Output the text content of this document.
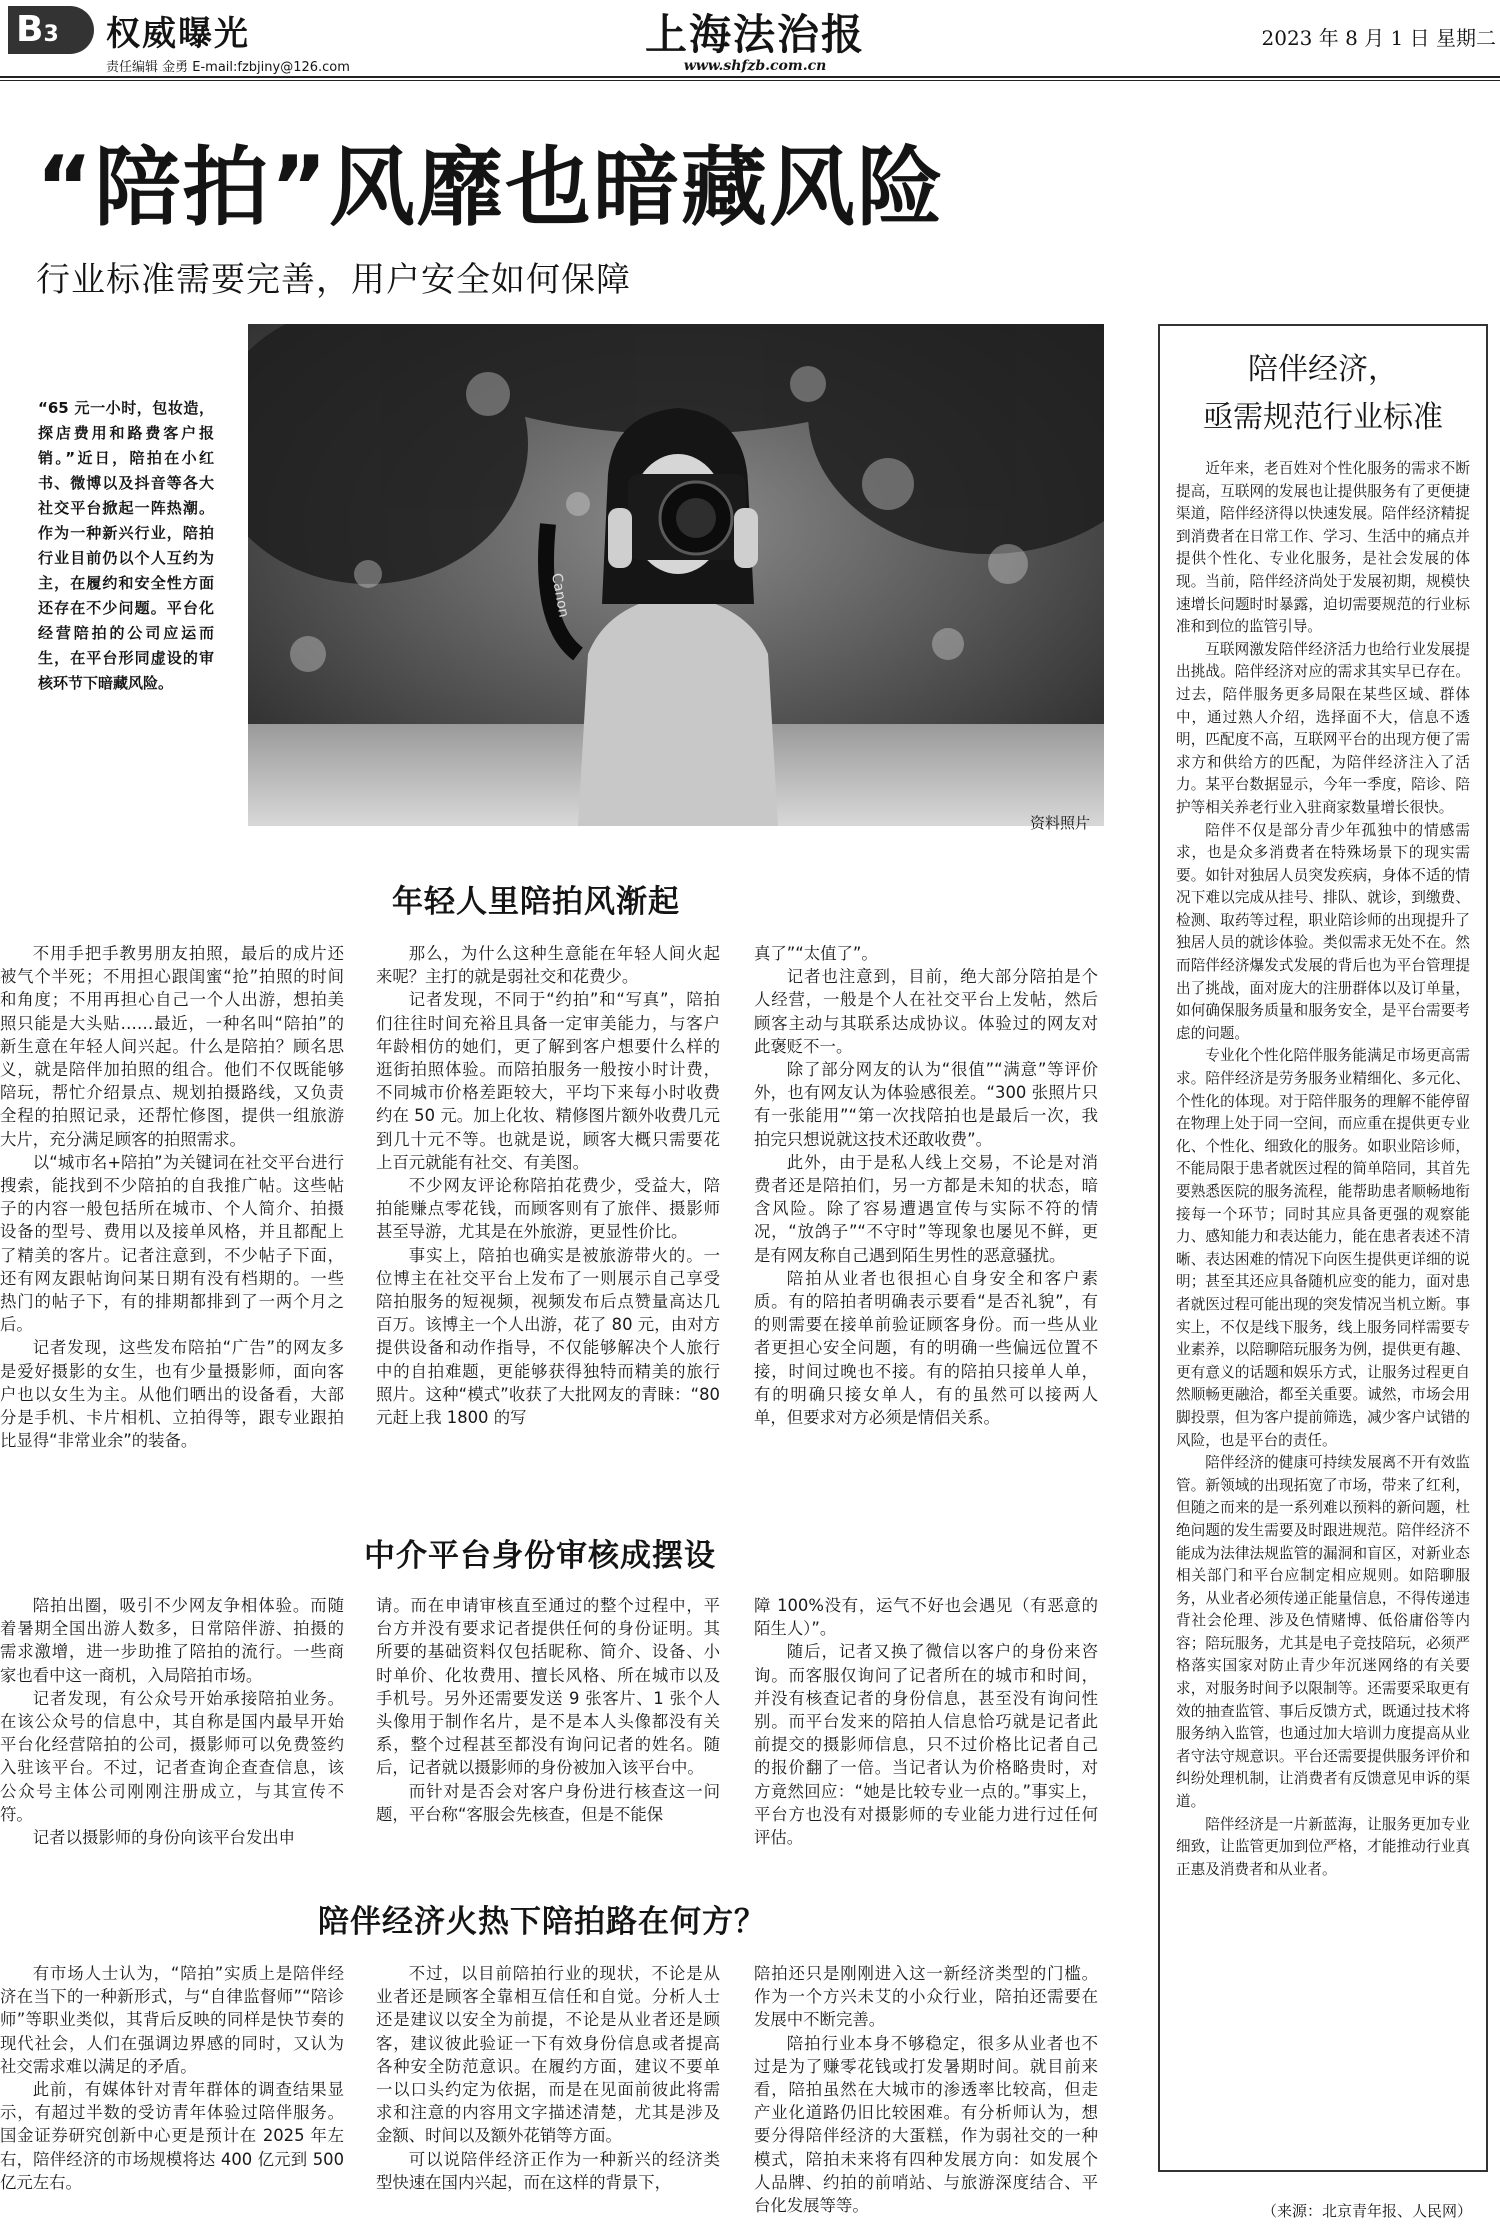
B3	权威曝光
责任编辑 金勇 E-mail:fzbjiny@126.com
上海法治报
www.shfzb.com.cn
2023 年 8 月 1 日 星期二
“陪拍”风靡也暗藏风险
行业标准需要完善，用户安全如何保障
“65 元一小时，包妆造，探店费用和路费客户报销。”近日，陪拍在小红书、微博以及抖音等各大社交平台掀起一阵热潮。作为一种新兴行业，陪拍行业目前仍以个人互约为主，在履约和安全性方面还存在不少问题。平台化经营陪拍的公司应运而生，在平台形同虚设的审核环节下暗藏风险。
Canon
资料照片
年轻人里陪拍风渐起

不用手把手教男朋友拍照，最后的成片还被气个半死；不用担心跟闺蜜“抢”拍照的时间和角度；不用再担心自己一个人出游，想拍美照只能是大头贴……最近，一种名叫“陪拍”的新生意在年轻人间兴起。什么是陪拍？顾名思义，就是陪伴加拍照的组合。他们不仅既能够陪玩，帮忙介绍景点、规划拍摄路线，又负责全程的拍照记录，还帮忙修图，提供一组旅游大片，充分满足顾客的拍照需求。

以“城市名+陪拍”为关键词在社交平台进行搜索，能找到不少陪拍的自我推广帖。这些帖子的内容一般包括所在城市、个人简介、拍摄设备的型号、费用以及接单风格，并且都配上了精美的客片。记者注意到，不少帖子下面，还有网友跟帖询问某日期有没有档期的。一些热门的帖子下，有的排期都排到了一两个月之后。

记者发现，这些发布陪拍“广告”的网友多是爱好摄影的女生，也有少量摄影师，面向客户也以女生为主。从他们晒出的设备看，大部分是手机、卡片相机、立拍得等，跟专业跟拍比显得“非常业余”的装备。

那么，为什么这种生意能在年轻人间火起来呢？主打的就是弱社交和花费少。

记者发现，不同于“约拍”和“写真”，陪拍们往往时间充裕且具备一定审美能力，与客户年龄相仿的她们，更了解到客户想要什么样的逛街拍照体验。而陪拍服务一般按小时计费，不同城市价格差距较大，平均下来每小时收费约在 50 元。加上化妆、精修图片额外收费几元到几十元不等。也就是说，顾客大概只需要花上百元就能有社交、有美图。

不少网友评论称陪拍花费少，受益大，陪拍能赚点零花钱，而顾客则有了旅伴、摄影师甚至导游，尤其是在外旅游，更显性价比。

事实上，陪拍也确实是被旅游带火的。一位博主在社交平台上发布了一则展示自己享受陪拍服务的短视频，视频发布后点赞量高达几百万。该博主一个人出游，花了 80 元，由对方提供设备和动作指导，不仅能够解决个人旅行中的自拍难题，更能够获得独特而精美的旅行照片。这种“模式”收获了大批网友的青睐：“80 元赶上我 1800 的写

真了”“太值了”。

记者也注意到，目前，绝大部分陪拍是个人经营，一般是个人在社交平台上发帖，然后顾客主动与其联系达成协议。体验过的网友对此褒贬不一。

除了部分网友的认为“很值”“满意”等评价外，也有网友认为体验感很差。“300 张照片只有一张能用”“第一次找陪拍也是最后一次，我拍完只想说就这技术还敢收费”。

此外，由于是私人线上交易，不论是对消费者还是陪拍们，另一方都是未知的状态，暗含风险。除了容易遭遇宣传与实际不符的情况，“放鸽子”“不守时”等现象也屡见不鲜，更是有网友称自己遇到陌生男性的恶意骚扰。

陪拍从业者也很担心自身安全和客户素质。有的陪拍者明确表示要看“是否礼貌”，有的则需要在接单前验证顾客身份。而一些从业者更担心安全问题，有的明确一些偏远位置不接，时间过晚也不接。有的陪拍只接单人单，有的明确只接女单人，有的虽然可以接两人单，但要求对方必须是情侣关系。

中介平台身份审核成摆设

陪拍出圈，吸引不少网友争相体验。而随着暑期全国出游人数多，日常陪伴游、拍摄的需求激增，进一步助推了陪拍的流行。一些商家也看中这一商机，入局陪拍市场。

记者发现，有公众号开始承接陪拍业务。在该公众号的信息中，其自称是国内最早开始平台化经营陪拍的公司，摄影师可以免费签约入驻该平台。不过，记者查询企查查信息，该公众号主体公司刚刚注册成立，与其宣传不符。

记者以摄影师的身份向该平台发出申

请。而在申请审核直至通过的整个过程中，平台方并没有要求记者提供任何的身份证明。其所要的基础资料仅包括昵称、简介、设备、小时单价、化妆费用、擅长风格、所在城市以及手机号。另外还需要发送 9 张客片、1 张个人头像用于制作名片，是不是本人头像都没有关系，整个过程甚至都没有询问记者的姓名。随后，记者就以摄影师的身份被加入该平台中。

而针对是否会对客户身份进行核查这一问题，平台称“客服会先核查，但是不能保

障 100%没有，运气不好也会遇见（有恶意的陌生人）”。

随后，记者又换了微信以客户的身份来咨询。而客服仅询问了记者所在的城市和时间，并没有核查记者的身份信息，甚至没有询问性别。而平台发来的陪拍人信息恰巧就是记者此前提交的摄影师信息，只不过价格比记者自己的报价翻了一倍。当记者认为价格略贵时，对方竟然回应：“她是比较专业一点的。”事实上，平台方也没有对摄影师的专业能力进行过任何评估。

陪伴经济火热下陪拍路在何方？

有市场人士认为，“陪拍”实质上是陪伴经济在当下的一种新形式，与“自律监督师”“陪诊师”等职业类似，其背后反映的同样是快节奏的现代社会，人们在强调边界感的同时，又认为社交需求难以满足的矛盾。

此前，有媒体针对青年群体的调查结果显示，有超过半数的受访青年体验过陪伴服务。国金证券研究创新中心更是预计在 2025 年左右，陪伴经济的市场规模将达 400 亿元到 500 亿元左右。

不过，以目前陪拍行业的现状，不论是从业者还是顾客全靠相互信任和自觉。分析人士还是建议以安全为前提，不论是从业者还是顾客，建议彼此验证一下有效身份信息或者提高各种安全防范意识。在履约方面，建议不要单一以口头约定为依据，而是在见面前彼此将需求和注意的内容用文字描述清楚，尤其是涉及金额、时间以及额外花销等方面。

可以说陪伴经济正作为一种新兴的经济类型快速在国内兴起，而在这样的背景下，

陪拍还只是刚刚进入这一新经济类型的门槛。作为一个方兴未艾的小众行业，陪拍还需要在发展中不断完善。

陪拍行业本身不够稳定，很多从业者也不过是为了赚零花钱或打发暑期时间。就目前来看，陪拍虽然在大城市的渗透率比较高，但走产业化道路仍旧比较困难。有分析师认为，想要分得陪伴经济的大蛋糕，作为弱社交的一种模式，陪拍未来将有四种发展方向：如发展个人品牌、约拍的前哨站、与旅游深度结合、平台化发展等等。

陪伴经济，
亟需规范行业标准

近年来，老百姓对个性化服务的需求不断提高，互联网的发展也让提供服务有了更便捷渠道，陪伴经济得以快速发展。陪伴经济精捉到消费者在日常工作、学习、生活中的痛点并提供个性化、专业化服务，是社会发展的体现。当前，陪伴经济尚处于发展初期，规模快速增长问题时时暴露，迫切需要规范的行业标准和到位的监管引导。

互联网激发陪伴经济活力也给行业发展提出挑战。陪伴经济对应的需求其实早已存在。过去，陪伴服务更多局限在某些区域、群体中，通过熟人介绍，选择面不大，信息不透明，匹配度不高，互联网平台的出现方便了需求方和供给方的匹配，为陪伴经济注入了活力。某平台数据显示，今年一季度，陪诊、陪护等相关养老行业入驻商家数量增长很快。

陪伴不仅是部分青少年孤独中的情感需求，也是众多消费者在特殊场景下的现实需要。如针对独居人员突发疾病，身体不适的情况下难以完成从挂号、排队、就诊，到缴费、检测、取药等过程，职业陪诊师的出现提升了独居人员的就诊体验。类似需求无处不在。然而陪伴经济爆发式发展的背后也为平台管理提出了挑战，面对庞大的注册群体以及订单量，如何确保服务质量和服务安全，是平台需要考虑的问题。

专业化个性化陪伴服务能满足市场更高需求。陪伴经济是劳务服务业精细化、多元化、个性化的体现。对于陪伴服务的理解不能停留在物理上处于同一空间，而应重在提供更专业化、个性化、细致化的服务。如职业陪诊师，不能局限于患者就医过程的简单陪同，其首先要熟悉医院的服务流程，能帮助患者顺畅地衔接每一个环节；同时其应具备更强的观察能力、感知能力和表达能力，能在患者表述不清晰、表达困难的情况下向医生提供更详细的说明；甚至其还应具备随机应变的能力，面对患者就医过程可能出现的突发情况当机立断。事实上，不仅是线下服务，线上服务同样需要专业素养，以陪聊陪玩服务为例，提供更有趣、更有意义的话题和娱乐方式，让服务过程更自然顺畅更融洽，都至关重要。诚然，市场会用脚投票，但为客户提前筛选，减少客户试错的风险，也是平台的责任。

陪伴经济的健康可持续发展离不开有效监管。新领域的出现拓宽了市场，带来了红利，但随之而来的是一系列难以预料的新问题，杜绝问题的发生需要及时跟进规范。陪伴经济不能成为法律法规监管的漏洞和盲区，对新业态相关部门和平台应制定相应规则。如陪聊服务，从业者必须传递正能量信息，不得传递违背社会伦理、涉及色情赌博、低俗庸俗等内容；陪玩服务，尤其是电子竞技陪玩，必须严格落实国家对防止青少年沉迷网络的有关要求，对服务时间予以限制等。还需要采取更有效的抽查监管、事后反馈方式，既通过技术将服务纳入监管，也通过加大培训力度提高从业者守法守规意识。平台还需要提供服务评价和纠纷处理机制，让消费者有反馈意见申诉的渠道。

陪伴经济是一片新蓝海，让服务更加专业细致，让监管更加到位严格，才能推动行业真正惠及消费者和从业者。

（来源：北京青年报、人民网）
